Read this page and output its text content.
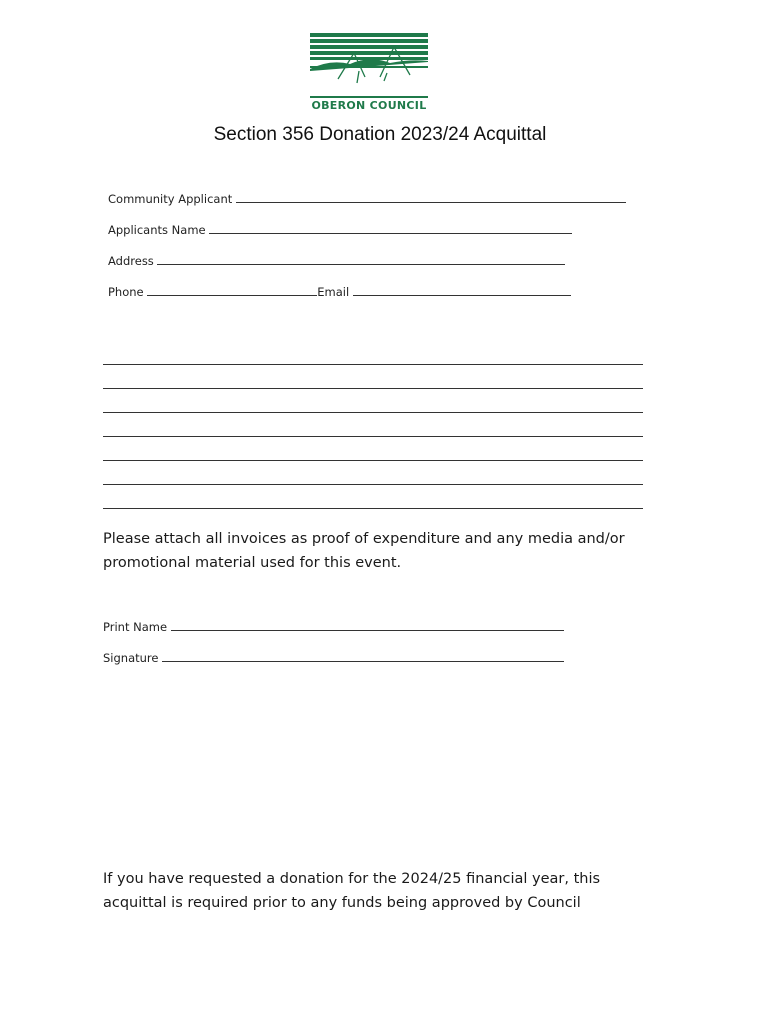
OBERON COUNCIL
Section 356 Donation 2023/24 Acquittal
Community Applicant
Applicants Name
Address
Phone	Email
Please attach all invoices as proof of expenditure and any media and/or promotional material used for this event.
Print Name
Signature
If you have requested a donation for the 2024/25 financial year, this acquittal is required prior to any funds being approved by Council
